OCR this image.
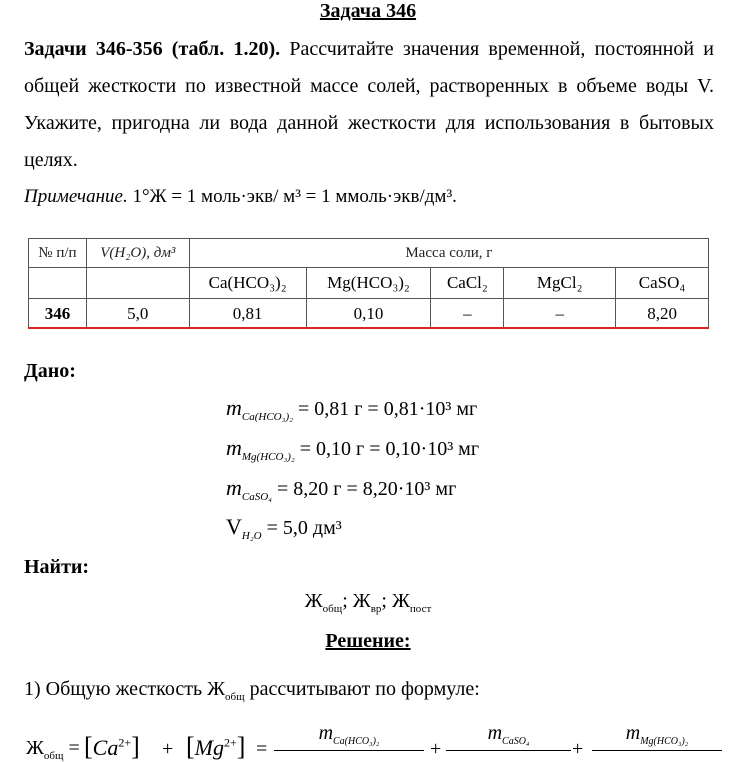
Задача 346
Задачи 346-356 (табл. 1.20). Рассчитайте значения временной, постоянной и общей жесткости по известной массе солей, растворенных в объеме воды V. Укажите, пригодна ли вода данной жесткости для использования в бытовых целях.
Примечание. 1°Ж = 1 моль·экв/ м³ = 1 ммоль·экв/дм³.
№ п/п	V(H₂O), дм³	Масса соли, г				
		Ca(HCO₃)₂	Mg(HCO₃)₂	CaCl₂	MgCl₂	CaSO₄
346	5,0	0,81	0,10	–	–	8,20
Дано:
$m_{Ca(HCO_3)_2} = 0,81$ г = 0,81·10³ мг
$m_{Mg(HCO_3)_2} = 0,10$ г = 0,10·10³ мг
$m_{CaSO_4} = 8,20$ г = 8,20·10³ мг
$V_{H_2O} = 5,0$ дм³
Найти:
$Ж_{общ}$; $Ж_{вр}$; $Ж_{пост}$
Решение:
1) Общую жесткость $Ж_{общ}$ рассчитывают по формуле:
$Ж_{общ} = [Ca^{2+}] + [Mg^{2+}]$ =
$m_{Ca(HCO_3)_2}$	+
$m_{CaSO_4}$	+
$m_{Mg(HCO_3)_2}$
